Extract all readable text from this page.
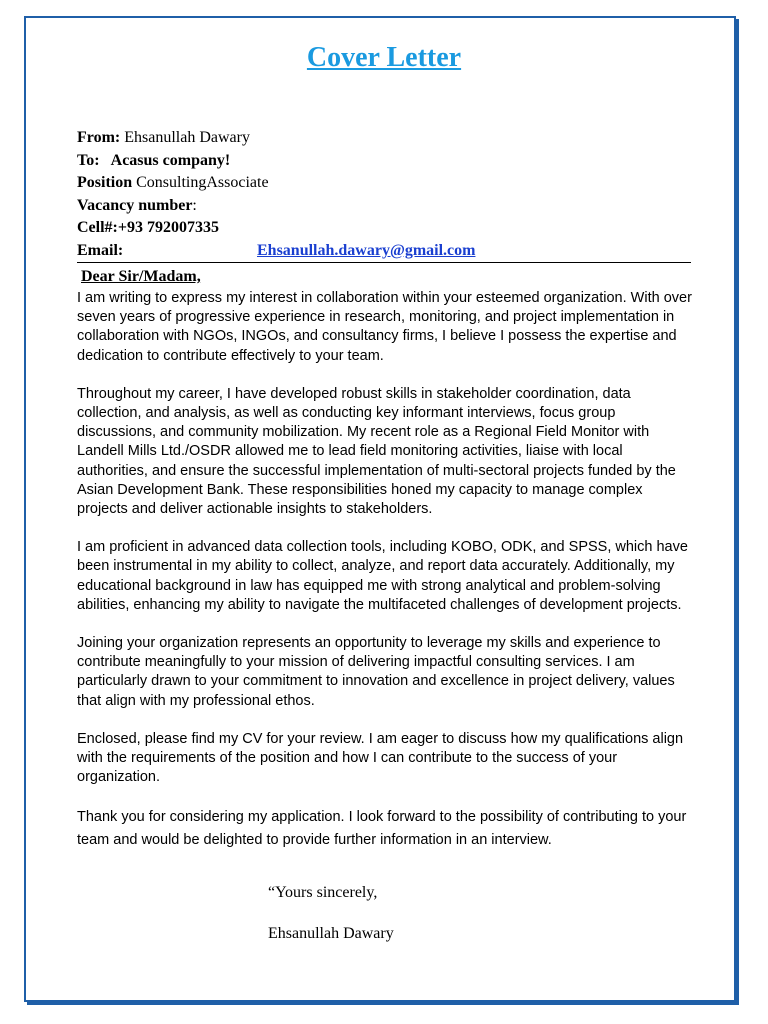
Cover Letter
From: Ehsanullah Dawary
To:   Acasus company!
Position ConsultingAssociate
Vacancy number:
Cell#:+93 792007335
Email:	Ehsanullah.dawary@gmail.com
Dear Sir/Madam,

I am writing to express my interest in collaboration within your esteemed organization. With over seven years of progressive experience in research, monitoring, and project implementation in collaboration with NGOs, INGOs, and consultancy firms, I believe I possess the expertise and dedication to contribute effectively to your team.

Throughout my career, I have developed robust skills in stakeholder coordination, data collection, and analysis, as well as conducting key informant interviews, focus group discussions, and community mobilization. My recent role as a Regional Field Monitor with Landell Mills Ltd./OSDR allowed me to lead field monitoring activities, liaise with local authorities, and ensure the successful implementation of multi-sectoral projects funded by the Asian Development Bank. These responsibilities honed my capacity to manage complex projects and deliver actionable insights to stakeholders.

I am proficient in advanced data collection tools, including KOBO, ODK, and SPSS, which have been instrumental in my ability to collect, analyze, and report data accurately. Additionally, my educational background in law has equipped me with strong analytical and problem-solving abilities, enhancing my ability to navigate the multifaceted challenges of development projects.

Joining your organization represents an opportunity to leverage my skills and experience to contribute meaningfully to your mission of delivering impactful consulting services. I am particularly drawn to your commitment to innovation and excellence in project delivery, values that align with my professional ethos.

Enclosed, please find my CV for your review. I am eager to discuss how my qualifications align with the requirements of the position and how I can contribute to the success of your organization.

Thank you for considering my application. I look forward to the possibility of contributing to your team and would be delighted to provide further information in an interview.

“Yours sincerely,
Ehsanullah Dawary
